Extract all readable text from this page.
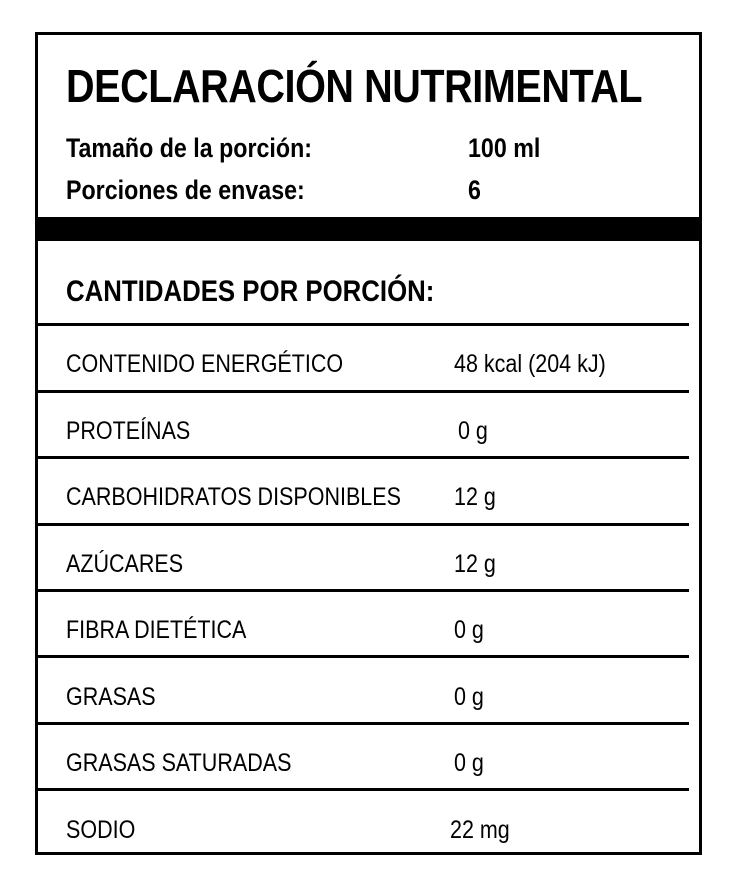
DECLARACIÓN NUTRIMENTAL
Tamaño de la porción:	100 ml
Porciones de envase:	6
CANTIDADES POR PORCIÓN:
CONTENIDO ENERGÉTICO	48 kcal (204 kJ)
PROTEÍNAS	0 g
CARBOHIDRATOS DISPONIBLES 12 g
AZÚCARES	12 g
FIBRA DIETÉTICA	0 g
GRASAS	0 g
GRASAS SATURADAS	0 g
SODIO	22 mg
